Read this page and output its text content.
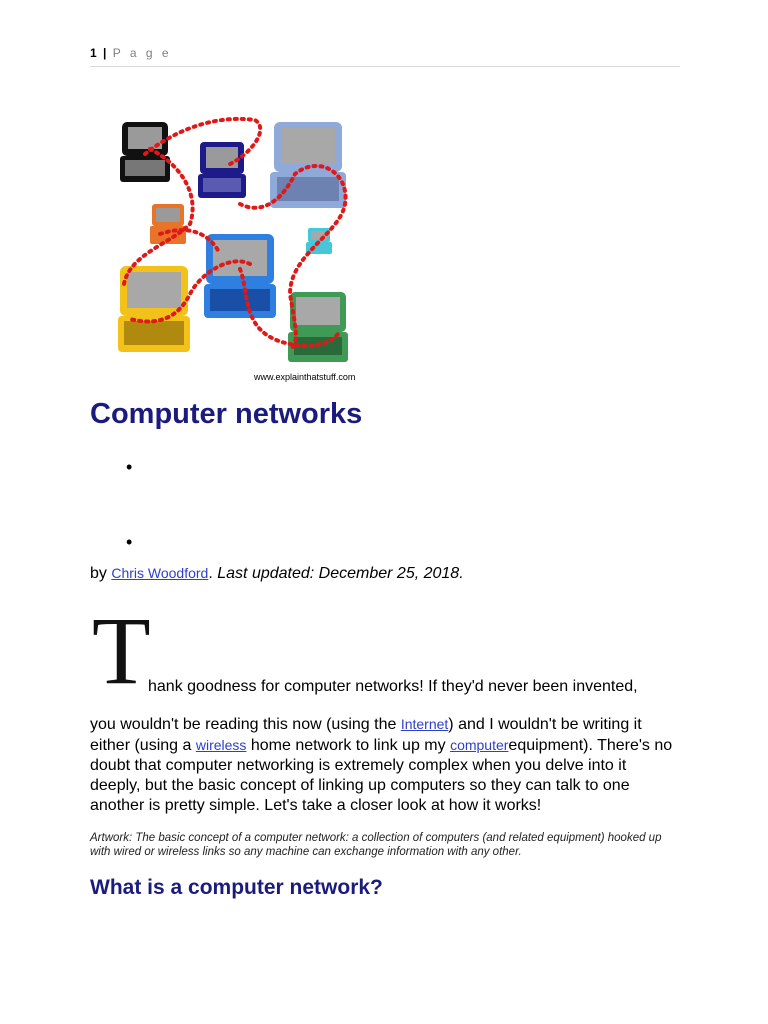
1 | P a g e
www.explainthatstuff.com
Computer networks
•
•
by Chris Woodford. Last updated: December 25, 2018.
T
hank goodness for computer networks! If they'd never been invented,
you wouldn't be reading this now (using the Internet) and I wouldn't be writing it either (using a wireless home network to link up my computerequipment). There's no doubt that computer networking is extremely complex when you delve into it deeply, but the basic concept of linking up computers so they can talk to one another is pretty simple. Let's take a closer look at how it works!
Artwork: The basic concept of a computer network: a collection of computers (and related equipment) hooked up with wired or wireless links so any machine can exchange information with any other.
What is a computer network?
